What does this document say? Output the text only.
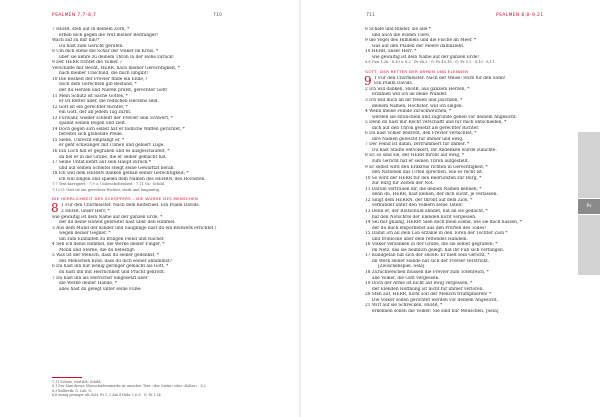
PSALMEN 7,7–8,7	710
7 HERR, steh auf in deinem Zorn, *
erheb dich gegen die Wut meiner Bedränger!
Wach auf zu mir hin!*
Du hast zum Gericht gerufen.
8 Um dich stehe die Schar der Völker im Kreis, *
über sie kehre zu deinem Thron in der Höhe zurück!
9 Der HERR richtet die Völker. /
Verschaffe mir Recht, HERR, nach meiner Gerechtigkeit, *
nach meiner Unschuld, die mich umgibt!
10 Die Bosheit der Frevler finde ein Ende, /
doch dem Gerechten gib Bestand, *
der du Herzen und Nieren prüfst, gerechter Gott!
11 Mein Schutz ist Sache Gottes, *
er ist Retter aller, die redlichen Herzens sind.
12 Gott ist ein gerechter Richter, *
ein Gott, der an jedem Tag zürnt.
13 Fürwahr, wieder schleift der Frevler sein Schwert, *
spannt seinen Bogen und zielt.
14 Doch gegen sich selbst hat er tödliche Waffen gerichtet, *
bereitet sich glühende Pfeile.
15 Siehe, Unrecht empfängt er, *
er geht schwanger mit Unheil und gebiert Lüge.
16 Ein Loch hat er gegraben und es ausgeschaufelt, *
da fiel er in die Grube, die er selber gemacht hat.
17 Seine Untat kehrt auf sein Haupt zurück *
und auf seinen Scheitel steigt seine Gewalttat herab.
18 Ich will dem HERRN danken gemäß seiner Gerechtigkeit; *
ich will singen und spielen dem Namen des HERRN, des Höchsten.
7,7 Text korrigiert · 7,9 o: Unbescholtenheit · 7,11 Gr.: Schild.
7,12 G: Gott ist ein gerechter Richter, stark und langmütig.
DIE HERRLICHKEIT DES SCHÖPFERS – DIE WÜRDE DES MENSCHEN
8 1 Für den Chormeister. Nach dem Kelterlied. Ein Psalm Davids.
2 HERR, unser Herr, *
wie gewaltig ist dein Name auf der ganzen Erde, *
der du deine Hoheit gebreitet hast über den Himmel.
3 Aus dem Mund der Kinder und Säuglinge hast du ein Bollwerk errichtet /
wegen deiner Gegner, *
um zum Einhalten zu bringen Feind und Rächer.
4 Seh ich deine Himmel, die Werke deiner Finger, *
Mond und Sterne, die du befestigt:
5 Was ist der Mensch, dass du seiner gedenkst, *
des Menschen Kind, dass du dich seiner annimmst?
6 Du hast ihn nur wenig geringer gemacht als Gott, *
du hast ihn mit Herrlichkeit und Pracht gekrönt.
7 Du hast ihn als Herrscher eingesetzt über
die Werke deiner Hände, *
alles hast du gelegt unter seine Füße:
7,11 Schutz, wörtlich: Schild.
8,1 Der Sinn dieses Überschriftvermerks ist unsicher. Text: »der Gattin« oder »Kelter« · 8,2
8,3 Bollwerk: G: Lob, G.
8,6 wenig geringer als Gott: Ps 1, 2 Am 4 Hebr 2,6–8 · G: Ps 1,24
711	PSALMEN 8,8–9,21
8 Schafe und Rinder, sie alle *
und auch die wilden Tiere,
9 die Vögel des Himmels und die Fische im Meer, *
was auf den Pfaden der Meere dahinzieht.
10 HERR, unser Herr, *
wie gewaltig ist dein Name auf der ganzen Erde!
8,8 Gen 1,26 · 8,10 s. 8,2 · Ps 66,2 · G: Ps 45,18 · G: Ps 9,1 · 8,10 · 8,11
GOTT, DER RETTER DER ARMEN UND ELENDEN
9 1 Für den Chormeister. Nach der Weise: Stirb für den Sohn!
Ein Psalm Davids.
2 Ich will danken, HERR, aus ganzem Herzen, *
erzählen will ich all deine Wunder.
3 Ich will mich an dir freuen und jauchzen, *
deinem Namen, Höchster, will ich singen.
4 Wenn meine Feinde zurückweichen, *
werden sie straucheln und zugrunde gehen vor deinem Angesicht.
5 Denn du hast mir Recht verschafft und für mich entschieden, *
dich auf den Thron gesetzt als gerechter Richter.
6 Du hast Völker bedroht, den Frevler vernichtet, *
ihre Namen gelöscht für immer und ewig.
7 Der Feind ist dahin, zertrümmert für immer. *
Du hast Städte entvölkert, ihr Andenken wurde zunichte.
8 Er, so sind sie, der HERR thront auf ewig, *
zum Gericht hat er seinen Thron aufgestellt.
9 Er selbst wird den Erdkreis richten in Gerechtigkeit, *
den Nationen das Urteil sprechen, wie es recht ist.
10 So wird der HERR für den Bedrückten zur Burg, *
zur Burg für Zeiten der Not.
11 Darum vertrauen dir, die deinen Namen kennen; *
denn du, HERR, hast keinen, der dich sucht, je verlassen.
12 Singt dem HERRN, der thront auf dem Zion, *
verkündet unter den Völkern seine Taten!
13 Denn er, der Blutschuld ahndet, hat an sie gedacht, *
hat den Notschrei der Elenden nicht vergessen.
14 Sei mir gnädig, HERR! Sieh doch mein Elend, wie sie mich hassen, *
der du mich emporhebst aus den Pforten des Todes!
15 Damit ich all dein Lob erzähle in den Toren der Tochter Zion *
und frohlocke über dein rettendes Handeln.
16 Völker versanken in der Grube, die sie selber gegraben; *
im Netz, das sie heimlich gelegt, hat ihr Fuß sich verfangen.
17 Kundgetan hat sich der HERR: Er hielt sein Gericht, *
im Werk seiner Hände hat sich der Frevler verstrickt.
[Zwischenspiel. Sela]
18 Zurückweichen müssen die Frevler zum Totenreich, *
alle Völker, die Gott vergessen.
19 Doch der Arme ist nicht auf ewig vergessen, *
der Elenden Hoffnung ist nicht für immer verloren.
20 Steh auf, HERR, nicht soll der Mensch triumphieren! *
Die Völker sollen gerichtet werden vor deinem Angesicht.
21 Wirf auf sie Schrecken, HERR, *
erkennen sollen die Völker: Sie sind nur Menschen. [Sela]
Ps
